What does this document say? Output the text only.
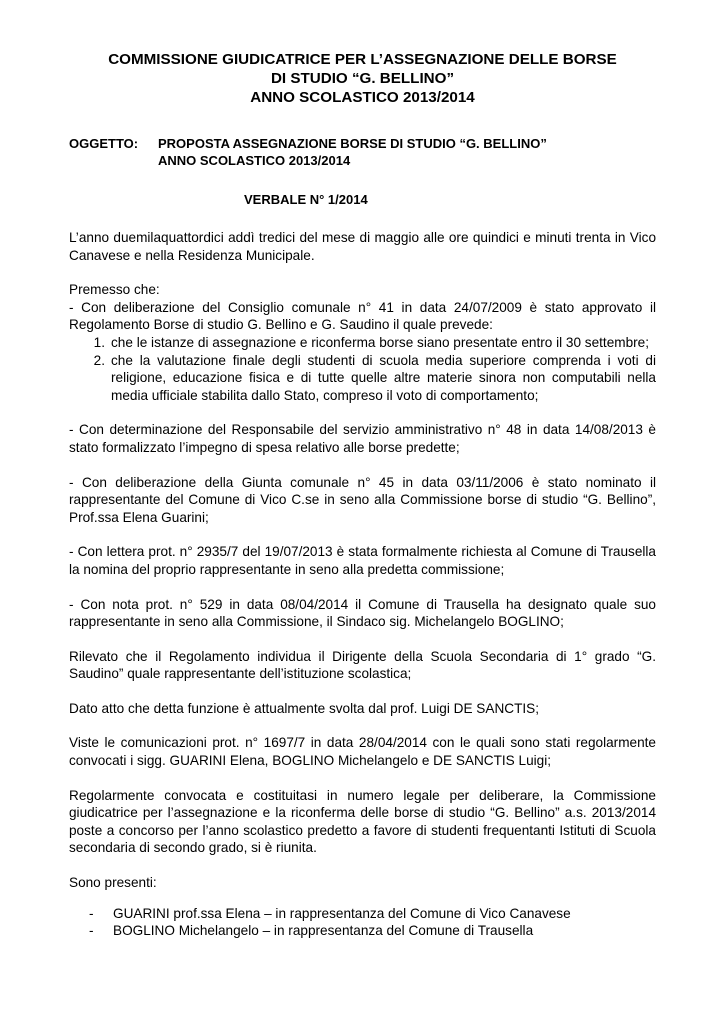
COMMISSIONE GIUDICATRICE PER L’ASSEGNAZIONE DELLE BORSE
DI STUDIO “G. BELLINO”
ANNO SCOLASTICO 2013/2014
OGGETTO:	PROPOSTA ASSEGNAZIONE BORSE DI STUDIO “G. BELLINO”
ANNO SCOLASTICO 2013/2014
VERBALE N° 1/2014

L’anno duemilaquattordici addì tredici del mese di maggio alle ore quindici e minuti trenta in Vico Canavese e nella Residenza Municipale.

Premesso che:

- Con deliberazione del Consiglio comunale n° 41 in data 24/07/2009 è stato approvato il Regolamento Borse di studio G. Bellino e G. Saudino il quale prevede:

1. che le istanze di assegnazione e riconferma borse siano presentate entro il 30 settembre;
2. che la valutazione finale degli studenti di scuola media superiore comprenda i voti di religione, educazione fisica e di tutte quelle altre materie sinora non computabili nella media ufficiale stabilita dallo Stato, compreso il voto di comportamento;

- Con determinazione del Responsabile del servizio amministrativo n° 48 in data 14/08/2013 è stato formalizzato l’impegno di spesa relativo alle borse predette;

- Con deliberazione della Giunta comunale n° 45 in data 03/11/2006 è stato nominato il rappresentante del Comune di Vico C.se in seno alla Commissione borse di studio “G. Bellino”, Prof.ssa Elena Guarini;

- Con lettera prot. n° 2935/7 del 19/07/2013 è stata formalmente richiesta al Comune di Trausella la nomina del proprio rappresentante in seno alla predetta commissione;

- Con nota prot. n° 529 in data 08/04/2014 il Comune di Trausella ha designato quale suo rappresentante in seno alla Commissione, il Sindaco sig. Michelangelo BOGLINO;

Rilevato che il Regolamento individua il Dirigente della Scuola Secondaria di 1° grado “G. Saudino” quale rappresentante dell’istituzione scolastica;

Dato atto che detta funzione è attualmente svolta dal prof. Luigi DE SANCTIS;

Viste le comunicazioni prot. n° 1697/7 in data 28/04/2014 con le quali sono stati regolarmente convocati i sigg. GUARINI Elena, BOGLINO Michelangelo e DE SANCTIS Luigi;

Regolarmente convocata e costituitasi in numero legale per deliberare, la Commissione giudicatrice per l’assegnazione e la riconferma delle borse di studio “G. Bellino” a.s. 2013/2014 poste a concorso per l’anno scolastico predetto a favore di studenti frequentanti Istituti di Scuola secondaria di secondo grado, si è riunita.

Sono presenti:

-	GUARINI prof.ssa Elena – in rappresentanza del Comune di Vico Canavese
-	BOGLINO Michelangelo – in rappresentanza del Comune di Trausella
